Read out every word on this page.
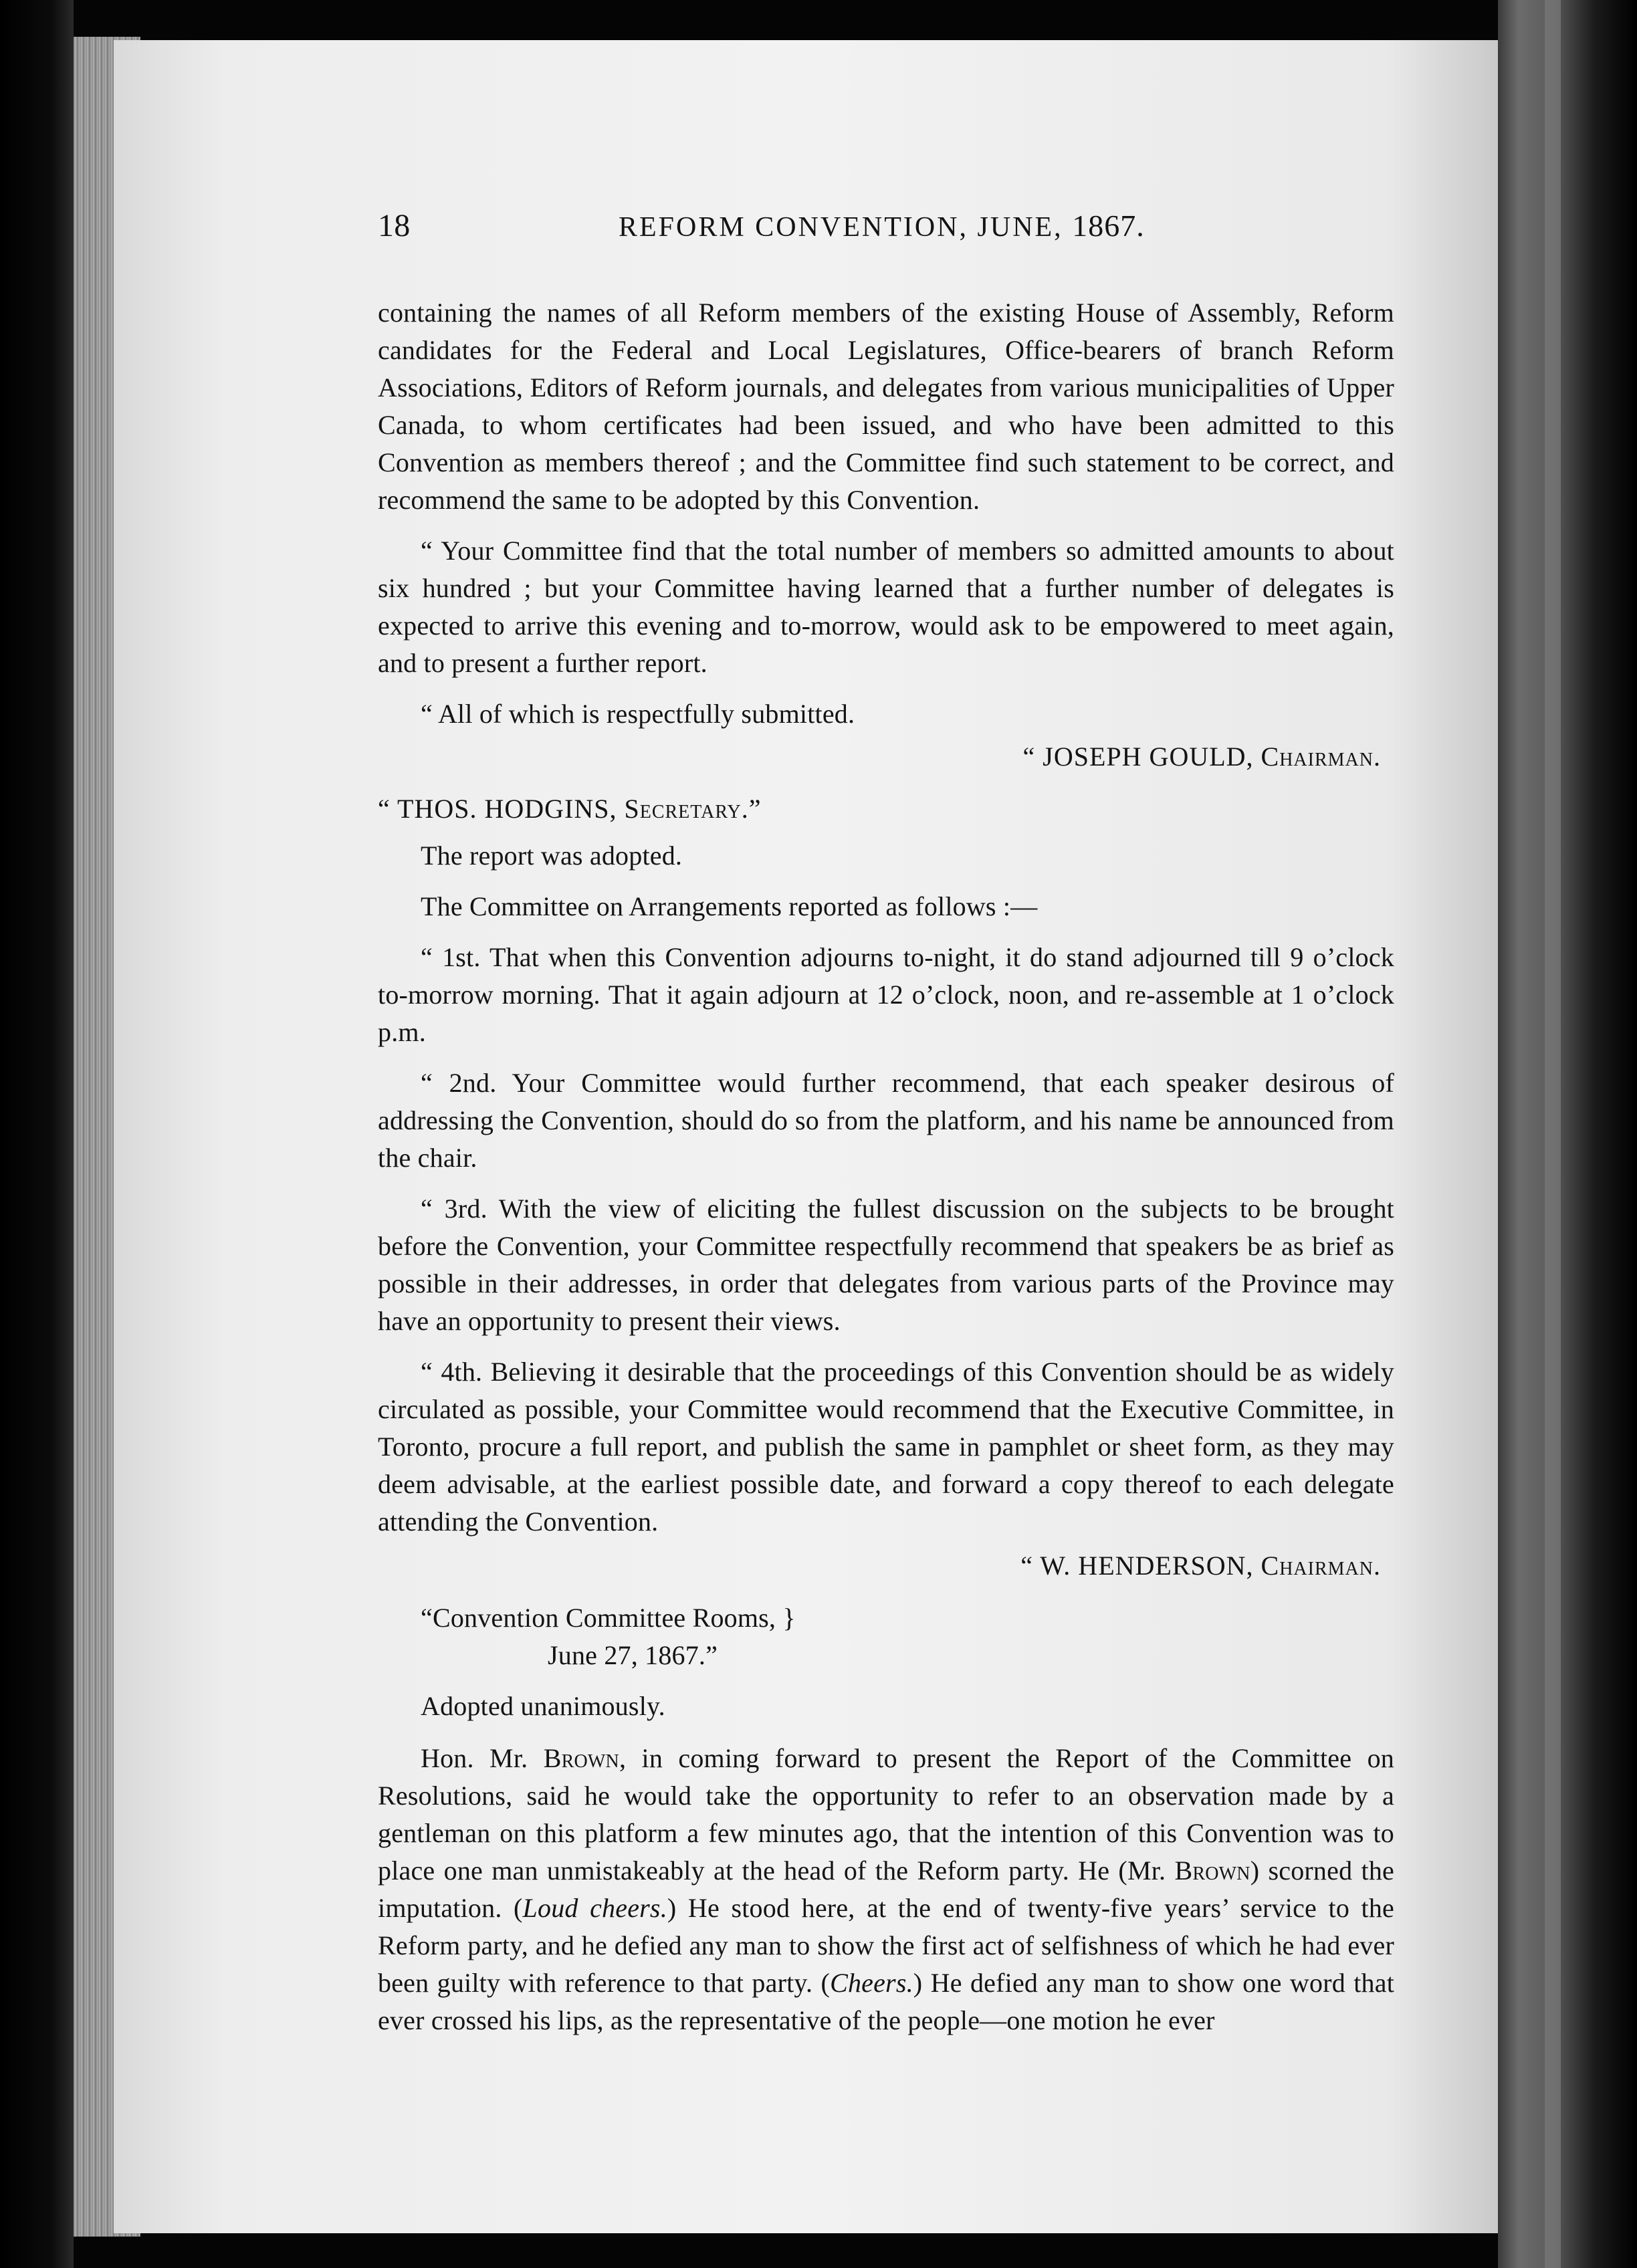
18	REFORM CONVENTION, JUNE, 1867.

containing the names of all Reform members of the existing House of Assembly, Reform candidates for the Federal and Local Legislatures, Office-bearers of branch Reform Associations, Editors of Reform journals, and delegates from various municipalities of Upper Canada, to whom certificates had been issued, and who have been admitted to this Convention as members thereof ; and the Committee find such statement to be correct, and recommend the same to be adopted by this Convention.

“ Your Committee find that the total number of members so admitted amounts to about six hundred ; but your Committee having learned that a further number of delegates is expected to arrive this evening and to-morrow, would ask to be empowered to meet again, and to present a further report.

“ All of which is respectfully submitted.

“ JOSEPH GOULD, Chairman.
“ THOS. HODGINS, Secretary.”

The report was adopted.

The Committee on Arrangements reported as follows :—

“ 1st. That when this Convention adjourns to-night, it do stand adjourned till 9 o’clock to-morrow morning. That it again adjourn at 12 o’clock, noon, and re-assemble at 1 o’clock p.m.

“ 2nd. Your Committee would further recommend, that each speaker desirous of addressing the Convention, should do so from the platform, and his name be announced from the chair.

“ 3rd. With the view of eliciting the fullest discussion on the subjects to be brought before the Convention, your Committee respectfully recommend that speakers be as brief as possible in their addresses, in order that delegates from various parts of the Province may have an opportunity to present their views.

“ 4th. Believing it desirable that the proceedings of this Convention should be as widely circulated as possible, your Committee would recommend that the Executive Committee, in Toronto, procure a full report, and publish the same in pamphlet or sheet form, as they may deem advisable, at the earliest possible date, and forward a copy thereof to each delegate attending the Convention.

“ W. HENDERSON, Chairman.
“Convention Committee Rooms, }
June 27, 1867.”

Adopted unanimously.

Hon. Mr. Brown, in coming forward to present the Report of the Committee on Resolutions, said he would take the opportunity to refer to an observation made by a gentleman on this platform a few minutes ago, that the intention of this Convention was to place one man unmistakeably at the head of the Reform party. He (Mr. Brown) scorned the imputation. (Loud cheers.) He stood here, at the end of twenty-five years’ service to the Reform party, and he defied any man to show the first act of selfishness of which he had ever been guilty with reference to that party. (Cheers.) He defied any man to show one word that ever crossed his lips, as the representative of the people—one motion he ever
